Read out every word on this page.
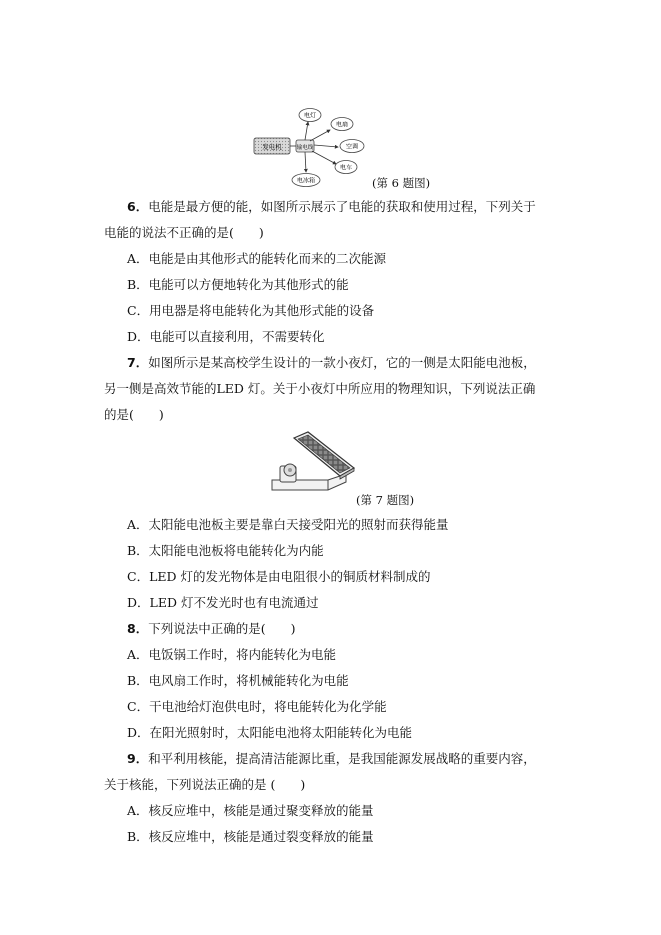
发电机	输电线
电灯
电扇
空调
电车
电冰箱	(第 6 题图)
6．电能是最方便的能，如图所示展示了电能的获取和使用过程，下列关于
电能的说法不正确的是(　　)
A．电能是由其他形式的能转化而来的二次能源
B．电能可以方便地转化为其他形式的能
C．用电器是将电能转化为其他形式能的设备
D．电能可以直接利用，不需要转化
7．如图所示是某高校学生设计的一款小夜灯，它的一侧是太阳能电池板，
另一侧是高效节能的LED 灯。关于小夜灯中所应用的物理知识，下列说法正确
的是(　　)
(第 7 题图)
A．太阳能电池板主要是靠白天接受阳光的照射而获得能量
B．太阳能电池板将电能转化为内能
C．LED 灯的发光物体是由电阻很小的铜质材料制成的
D．LED 灯不发光时也有电流通过
8．下列说法中正确的是(　　)
A．电饭锅工作时，将内能转化为电能
B．电风扇工作时，将机械能转化为电能
C．干电池给灯泡供电时，将电能转化为化学能
D．在阳光照射时，太阳能电池将太阳能转化为电能
9．和平利用核能，提高清洁能源比重，是我国能源发展战略的重要内容，
关于核能，下列说法正确的是 (　　)
A．核反应堆中，核能是通过聚变释放的能量
B．核反应堆中，核能是通过裂变释放的能量
